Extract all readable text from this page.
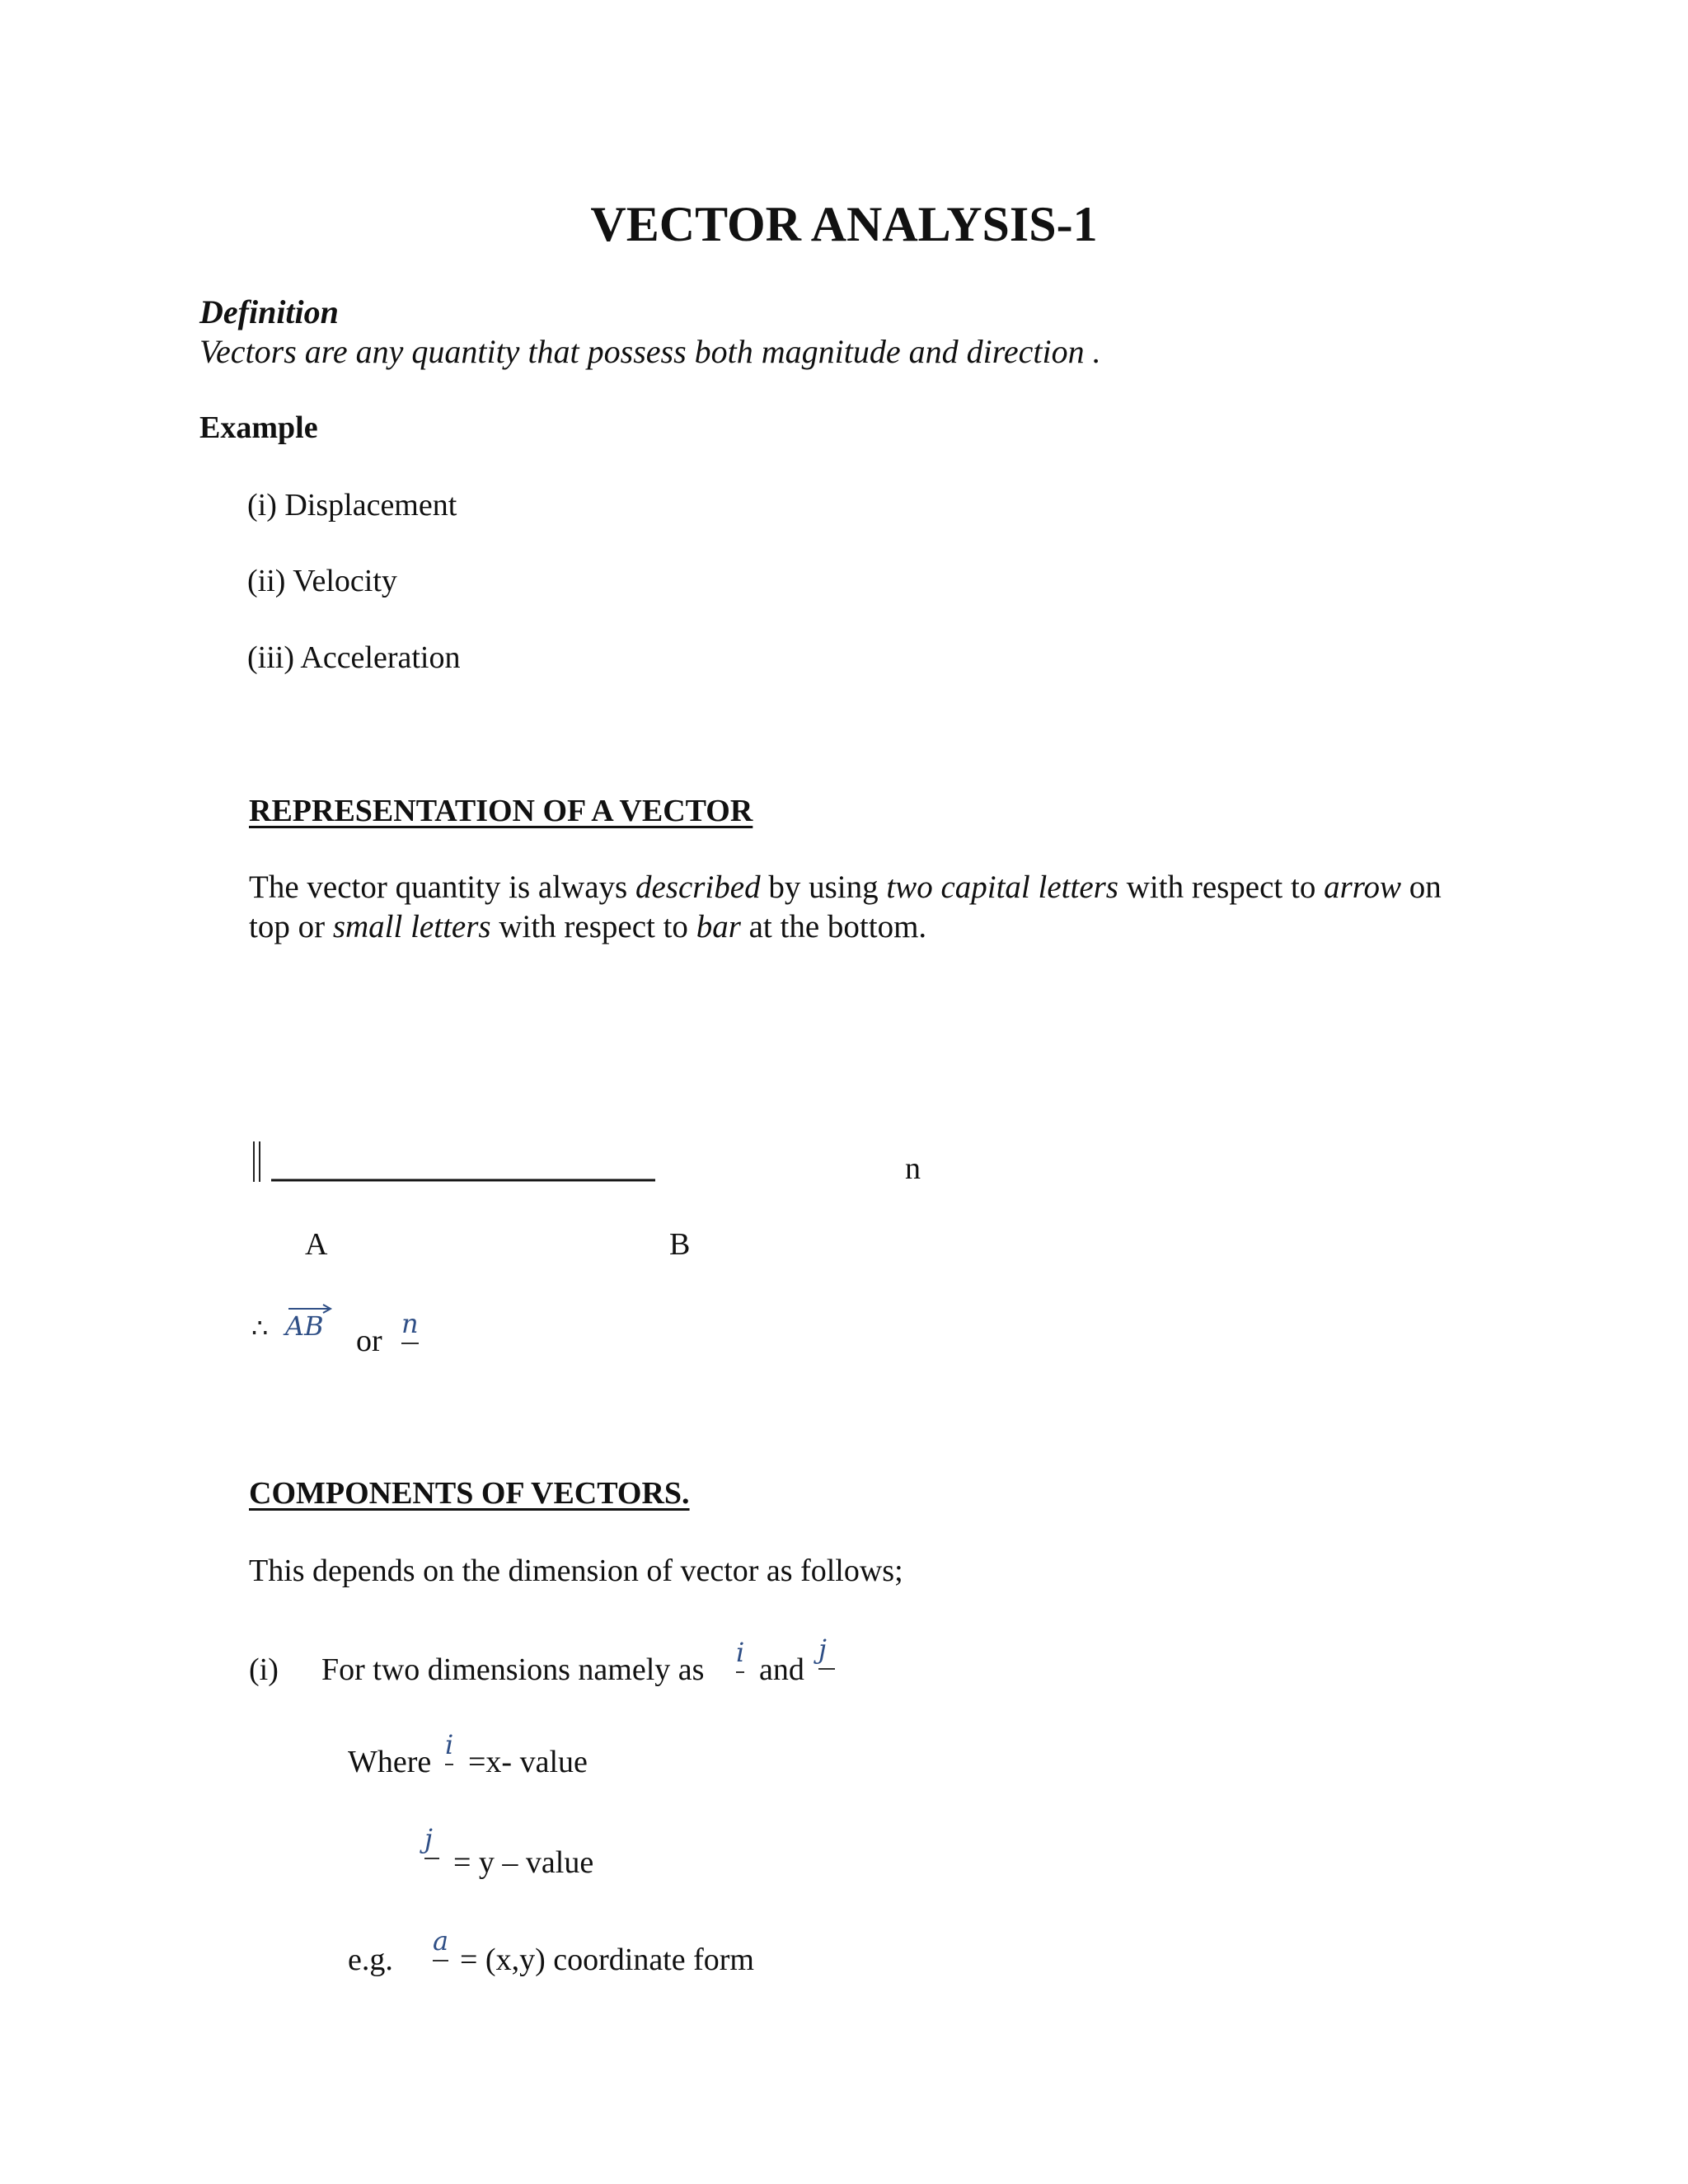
VECTOR ANALYSIS-1
Definition
Vectors are any quantity that possess both magnitude and direction .
Example
(i) Displacement
(ii) Velocity
(iii) Acceleration
REPRESENTATION OF A VECTOR
The vector quantity is always described by using two capital letters with respect to arrow on
top or small letters with respect to bar at the bottom.
n
A	B
∴ AB	or n
COMPONENTS OF VECTORS.
This depends on the dimension of vector as follows;
(i) For two dimensions namely as i and
j
Where i =x- value
j
= y – value
e.g.
a
= (x,y) coordinate form
